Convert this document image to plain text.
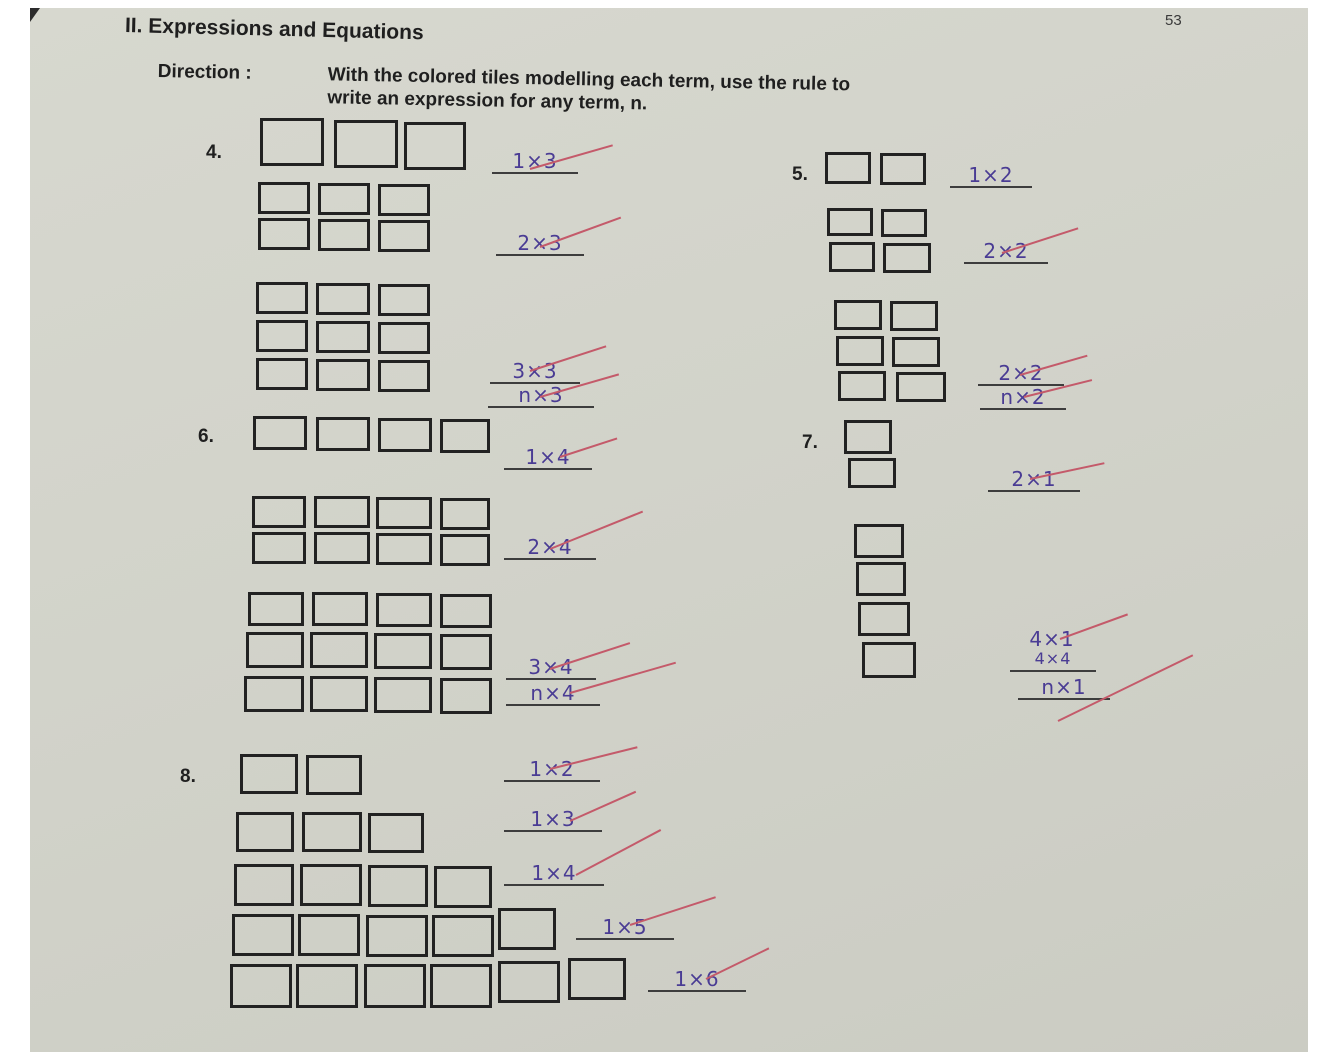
53
II. Expressions and Equations
Direction :	With the colored tiles modelling each term, use the rule to
write an expression for any term, n.
4.	1×3
2×3
3×3
n×3
5.	1×2
2×2
2×2
n×2
6.
1×4
2×4
3×4
n×4
7.
2×1
4×1
4×4
n×1
8.	1×2
1×3
1×4
1×5
1×6
